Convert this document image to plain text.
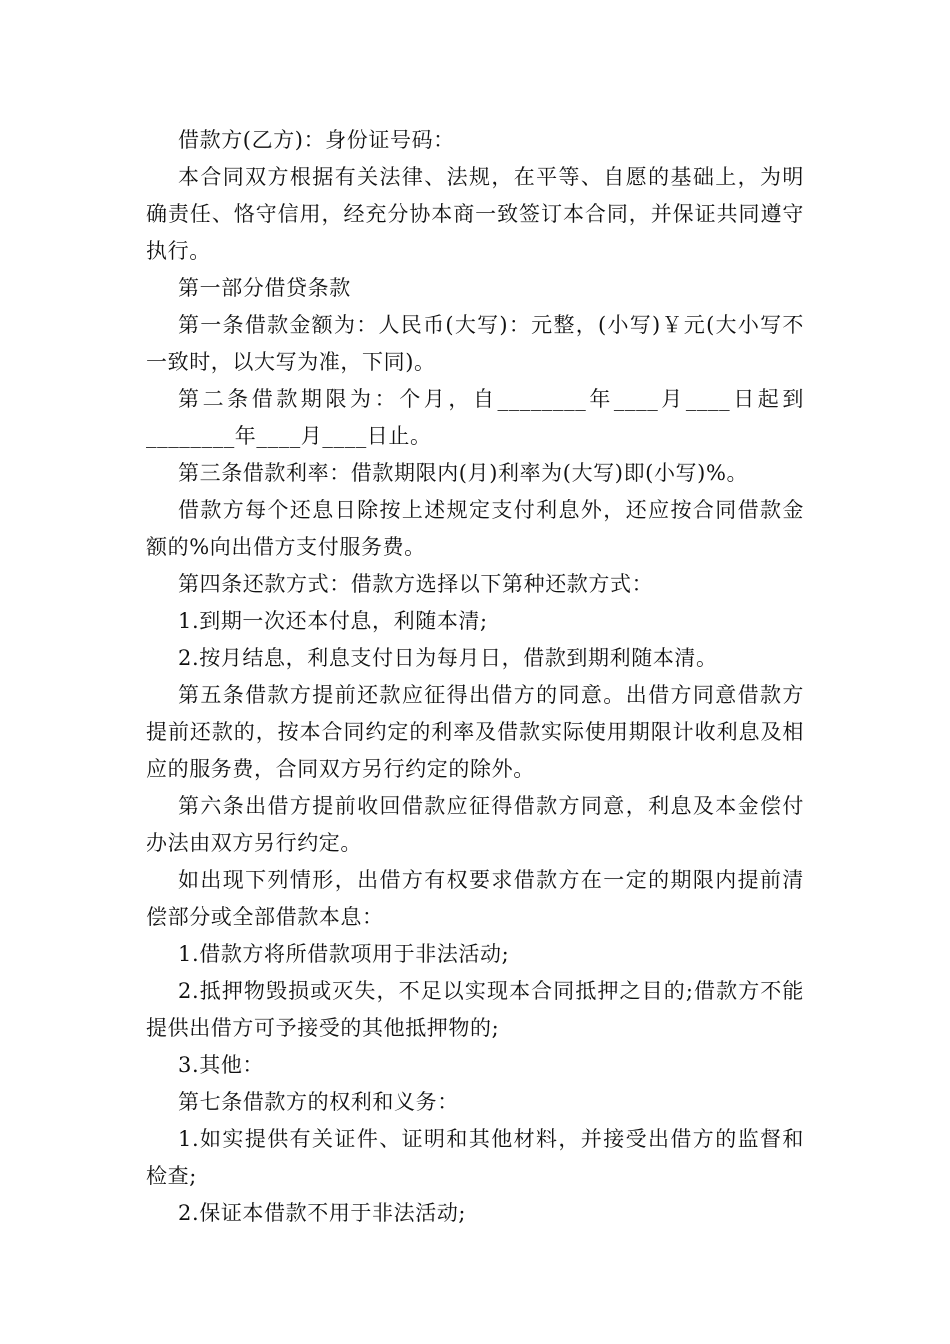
借款方(乙方)：身份证号码：

本合同双方根据有关法律、法规，在平等、自愿的基础上，为明确责任、恪守信用，经充分协本商一致签订本合同，并保证共同遵守执行。

第一部分借贷条款

第一条借款金额为：人民币(大写)：元整，(小写)￥元(大小写不一致时，以大写为准，下同)。

第二条借款期限为：个月，自________年____月____日起到________年____月____日止。

第三条借款利率：借款期限内(月)利率为(大写)即(小写)%。

借款方每个还息日除按上述规定支付利息外，还应按合同借款金额的%向出借方支付服务费。

第四条还款方式：借款方选择以下第种还款方式：

1.到期一次还本付息，利随本清;

2.按月结息，利息支付日为每月日，借款到期利随本清。

第五条借款方提前还款应征得出借方的同意。出借方同意借款方提前还款的，按本合同约定的利率及借款实际使用期限计收利息及相应的服务费，合同双方另行约定的除外。

第六条出借方提前收回借款应征得借款方同意，利息及本金偿付办法由双方另行约定。

如出现下列情形，出借方有权要求借款方在一定的期限内提前清偿部分或全部借款本息：

1.借款方将所借款项用于非法活动;

2.抵押物毁损或灭失，不足以实现本合同抵押之目的;借款方不能提供出借方可予接受的其他抵押物的;

3.其他：

第七条借款方的权利和义务：

1.如实提供有关证件、证明和其他材料，并接受出借方的监督和检查;

2.保证本借款不用于非法活动;
